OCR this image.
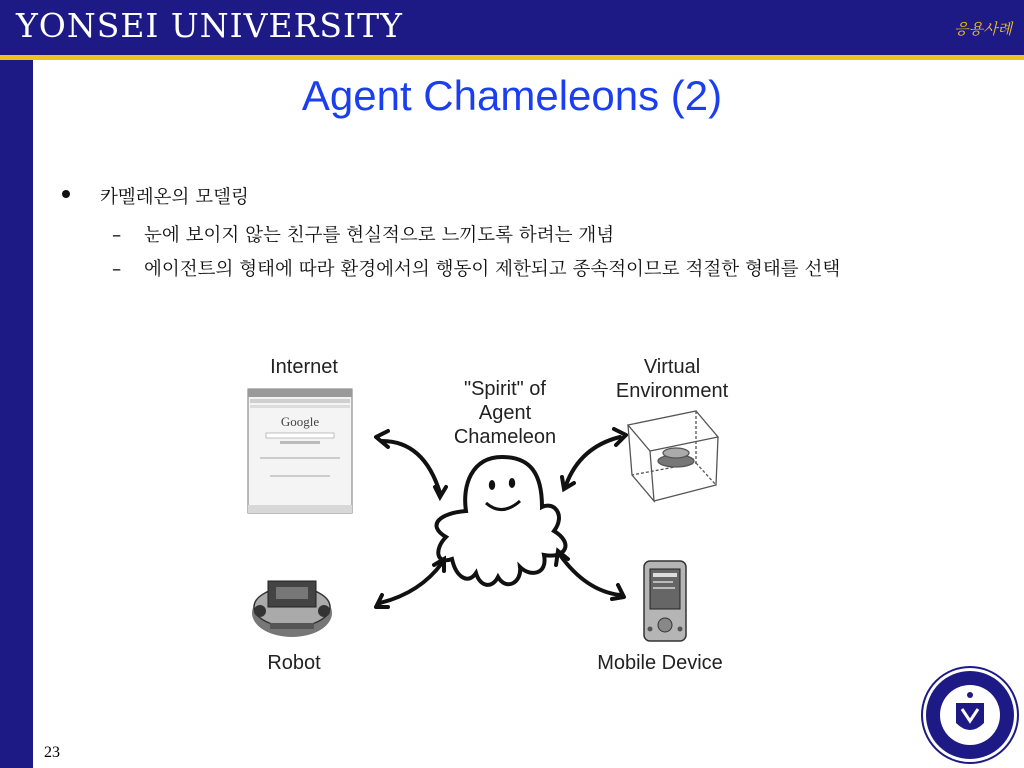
YONSEI UNIVERSITY	응용사례
Agent Chameleons (2)
카멜레온의 모델링
– 눈에 보이지 않는 친구를 현실적으로 느끼도록 하려는 개념
– 에이전트의 형태에 따라 환경에서의 행동이 제한되고 종속적이므로 적절한 형태를 선택
Internet	Virtual
Environment
"Spirit" of
Agent
Chameleon
Robot	Mobile Device
Google
23
